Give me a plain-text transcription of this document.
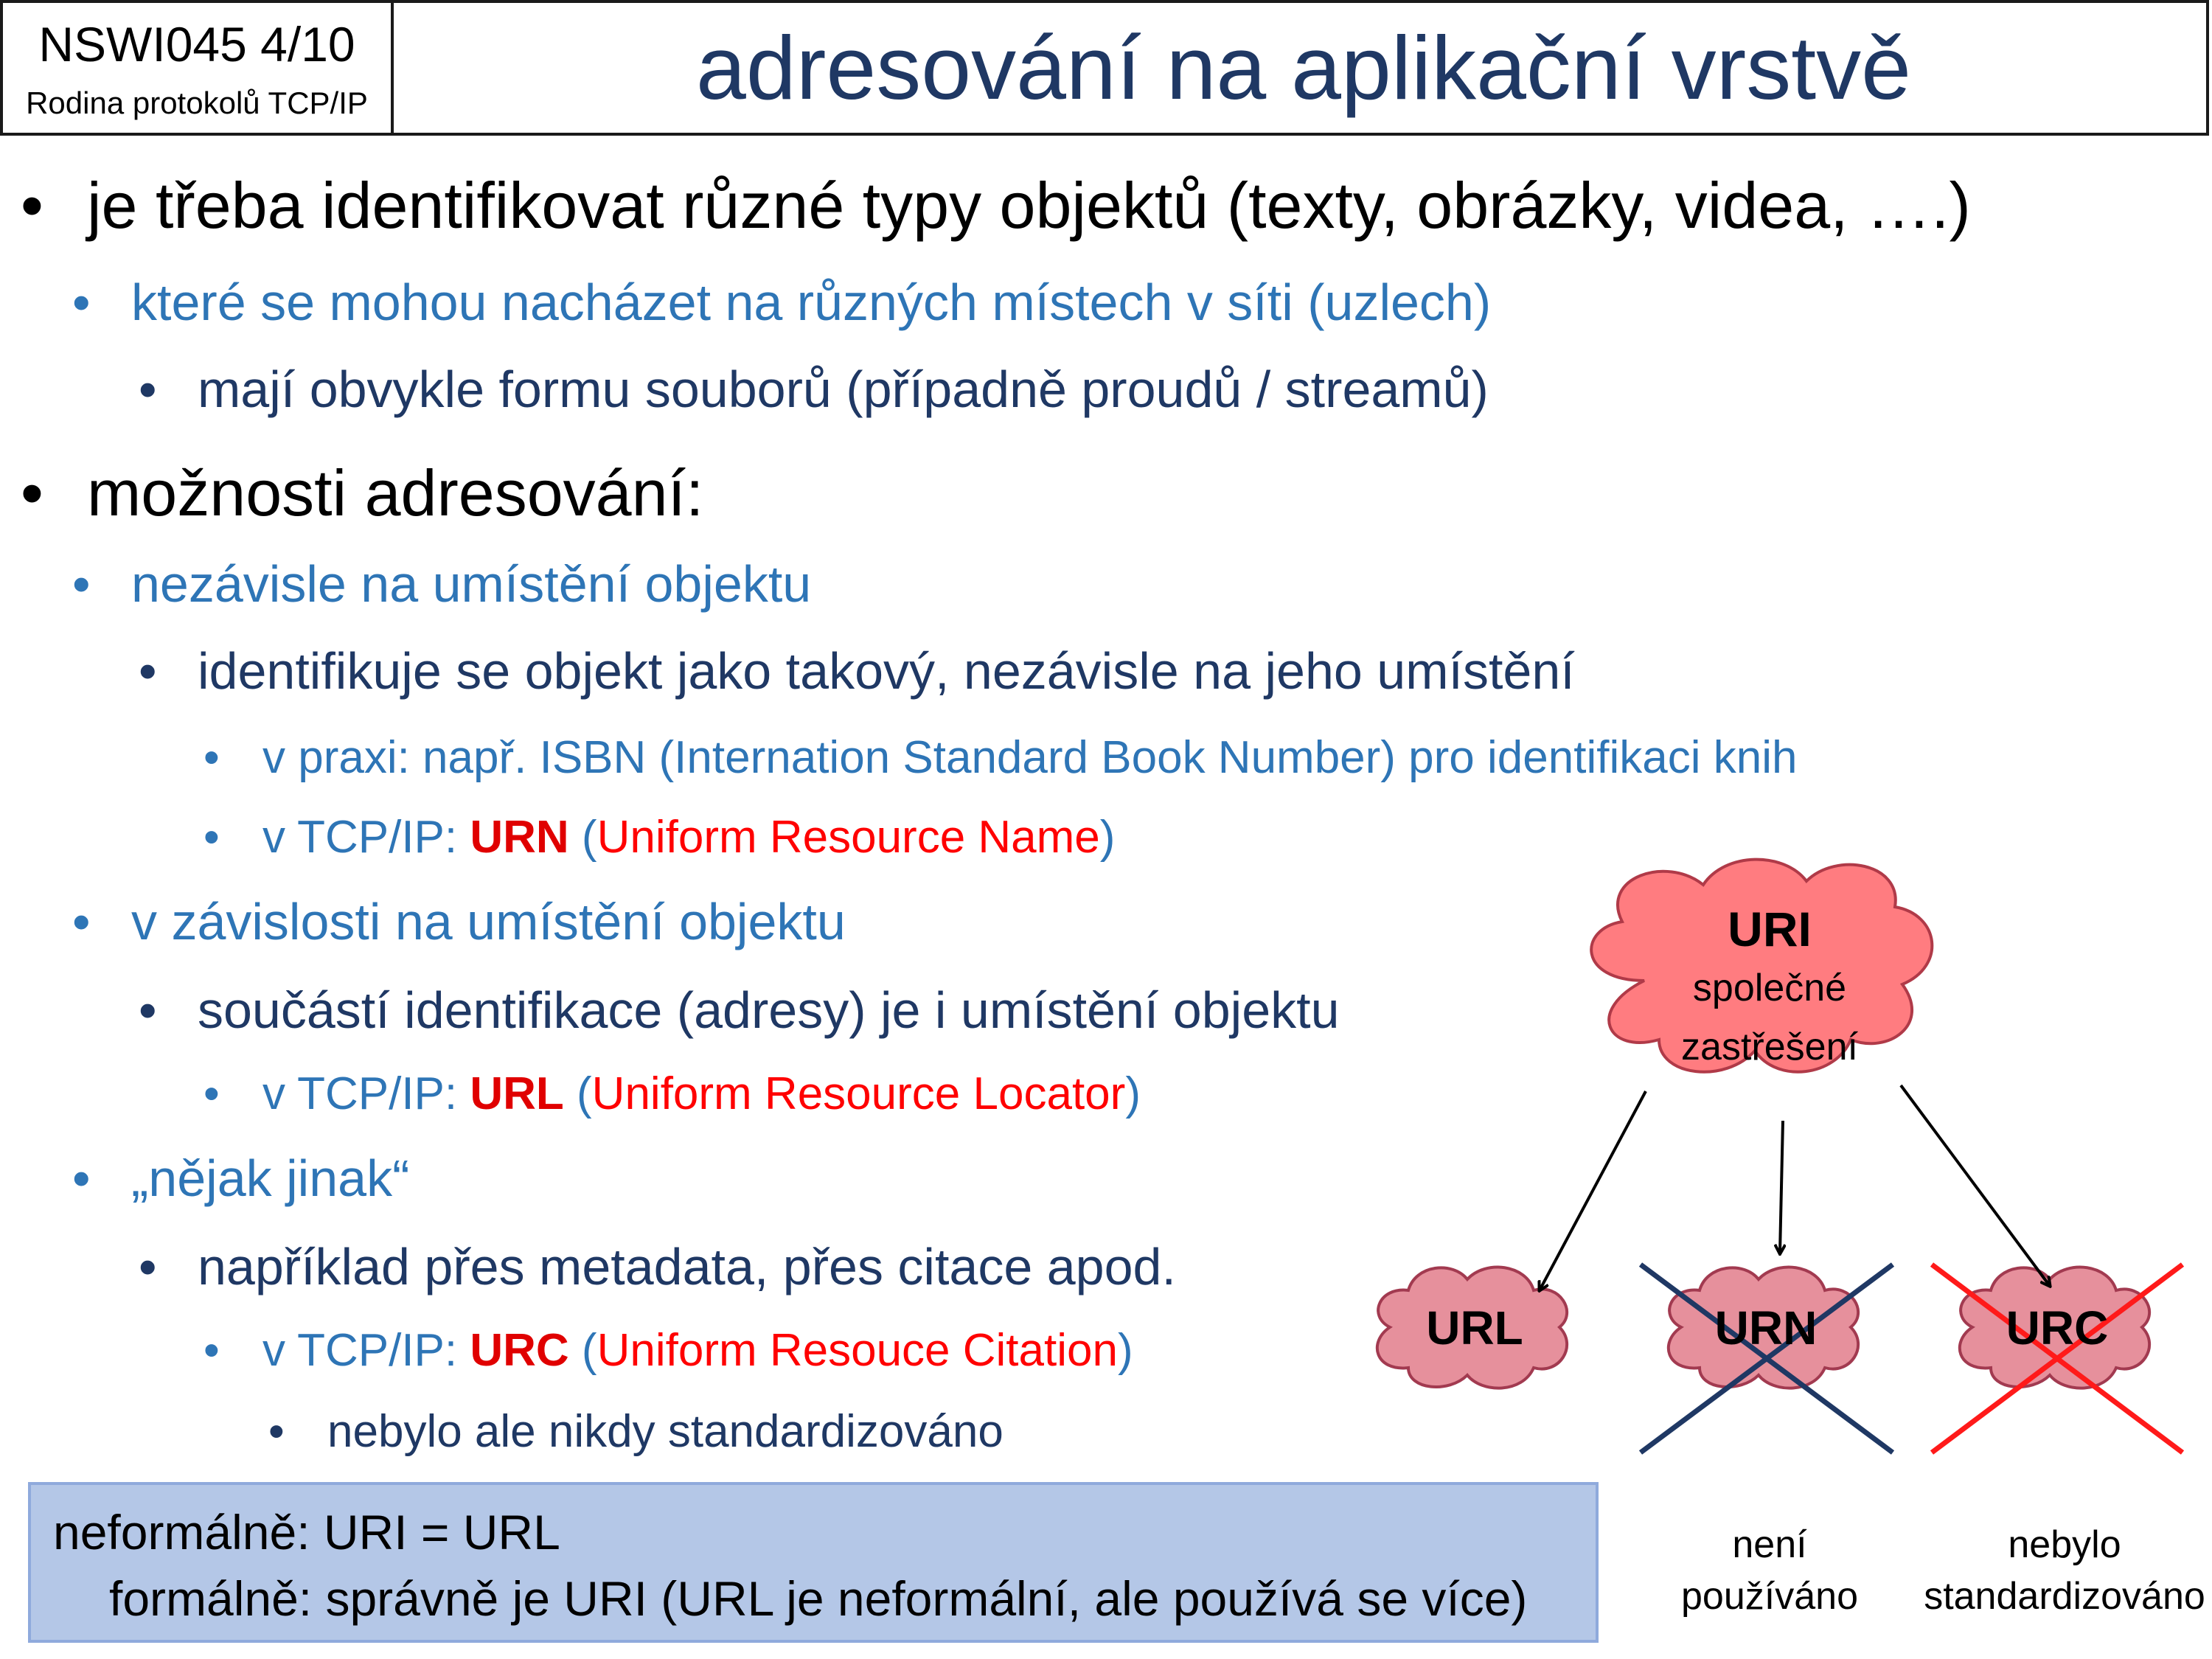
NSWI045 4/10
Rodina protokolů TCP/IP	adresování na aplikační vrstvě
• je třeba identifikovat různé typy objektů (texty, obrázky, videa, ….)
• které se mohou nacházet na různých místech v síti (uzlech)
• mají obvykle formu souborů (případně proudů / streamů)
• možnosti adresování:
• nezávisle na umístění objektu
• identifikuje se objekt jako takový, nezávisle na jeho umístění
• v praxi: např. ISBN (Internation Standard Book Number) pro identifikaci knih
• v TCP/IP: URN (Uniform Resource Name)
• v závislosti na umístění objektu
• součástí identifikace (adresy) je i umístění objektu
• v TCP/IP: URL (Uniform Resource Locator)
• „nějak jinak“
• například přes metadata, přes citace apod.
• v TCP/IP: URC (Uniform Resouce Citation)
• nebylo ale nikdy standardizováno
neformálně: URI = URL
formálně: správně je URI (URL je neformální, ale používá se více)
URI
společné
zastřešení
URL	URN	URC
není
používáno
nebylo
standardizováno
